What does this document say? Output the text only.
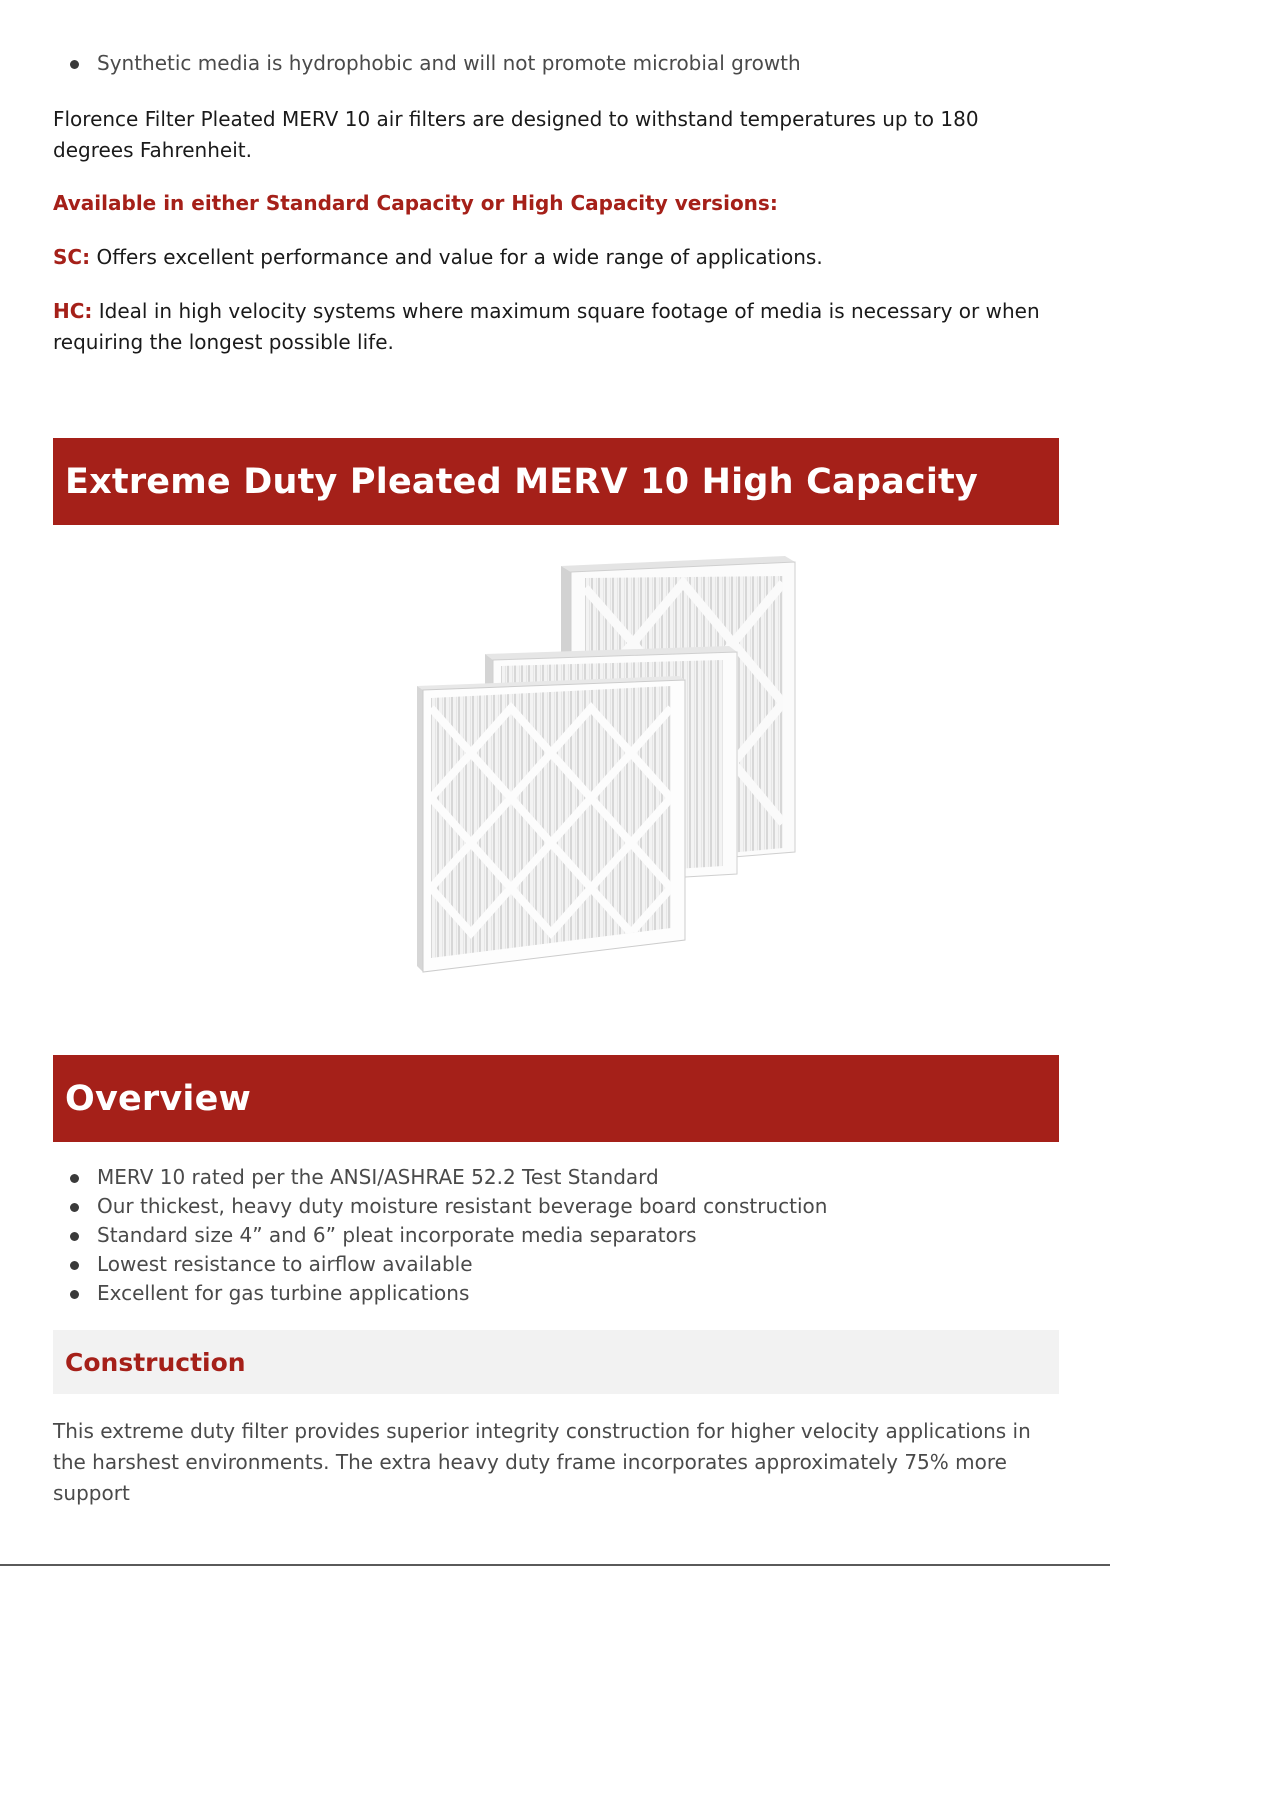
Synthetic media is hydrophobic and will not promote microbial growth

Florence Filter Pleated MERV 10 air filters are designed to withstand temperatures up to 180 degrees Fahrenheit.

Available in either Standard Capacity or High Capacity versions:

SC: Offers excellent performance and value for a wide range of applications.

HC: Ideal in high velocity systems where maximum square footage of media is necessary or when requiring the longest possible life.

Extreme Duty Pleated MERV 10 High Capacity
Overview
MERV 10 rated per the ANSI/ASHRAE 52.2 Test Standard
Our thickest, heavy duty moisture resistant beverage board construction
Standard size 4” and 6” pleat incorporate media separators
Lowest resistance to airflow available
Excellent for gas turbine applications
Construction

This extreme duty filter provides superior integrity construction for higher velocity applications in the harshest environments. The extra heavy duty frame incorporates approximately 75% more support
